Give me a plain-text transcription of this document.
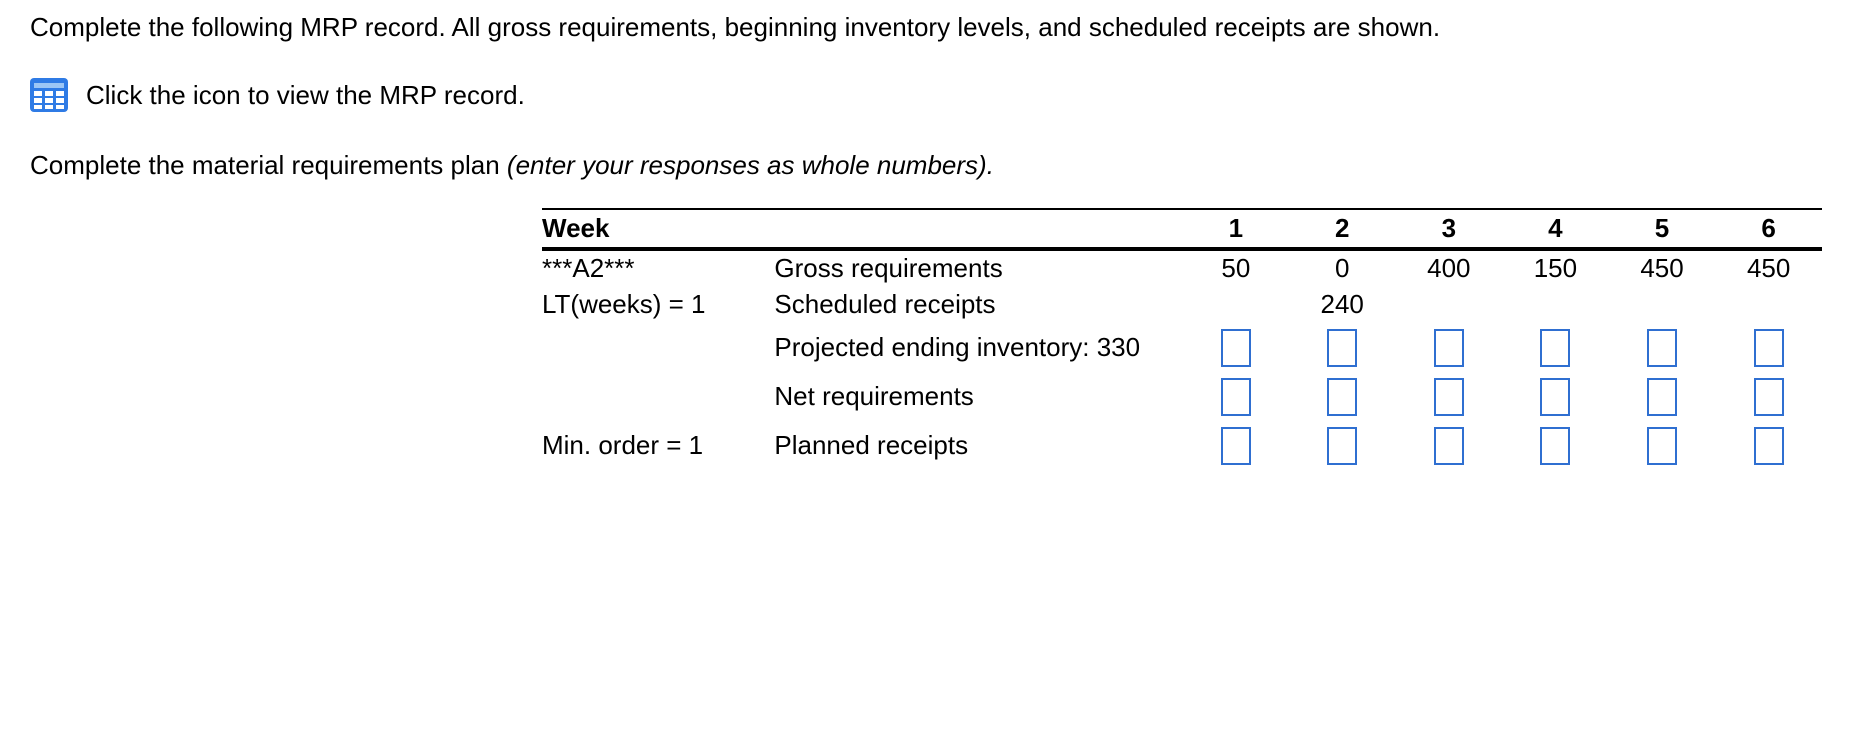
Complete the following MRP record. All gross requirements, beginning inventory levels, and scheduled receipts are shown.
Click the icon to view the MRP record.
Complete the material requirements plan (enter your responses as whole numbers).
Week		1	2	3	4	5	6
***A2***	Gross requirements	50	0	400	150	450	450
LT(weeks) = 1	Scheduled receipts		240				
	Projected ending inventory: 330	

	Net requirements	

Min. order = 1	Planned receipts	
